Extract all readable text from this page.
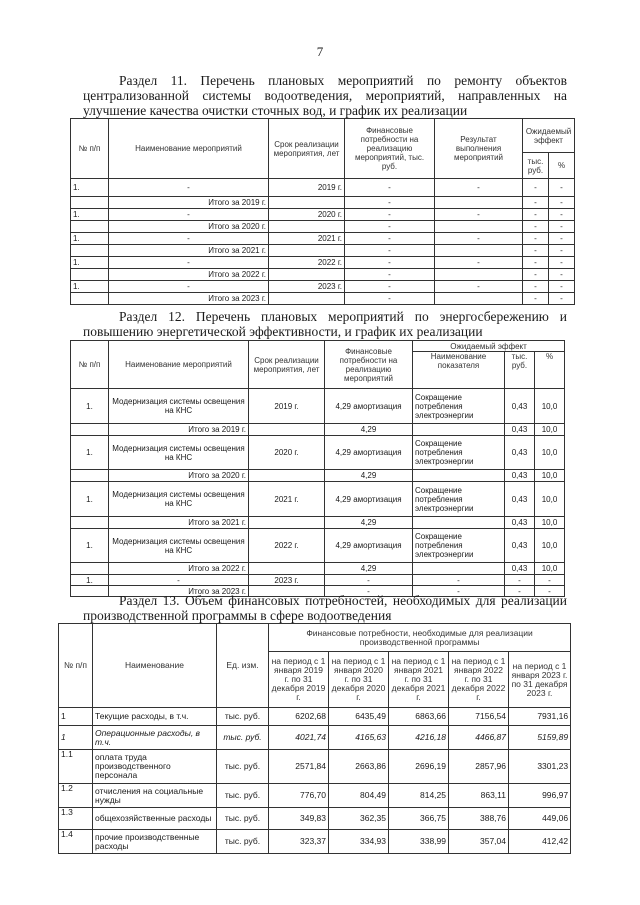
7
Раздел 11. Перечень плановых мероприятий по ремонту объектов централизованной системы водоотведения, мероприятий, направленных на улучшение качества очистки сточных вод, и график их реализации
№ п/п	Наименование мероприятий	Срок реализации мероприятия, лет	Финансовые потребности на реализацию мероприятий, тыс. руб.	Результат выполнения мероприятий	Ожидаемый эффект	
					тыс. руб.	%
1.	-	2019 г.	-	-	-	-
	Итого за 2019 г.		-		-	-
1.	-	2020 г.	-	-	-	-
	Итого за 2020 г.		-		-	-
1.	-	2021 г.	-	-	-	-
	Итого за 2021 г.		-		-	-
1.	-	2022 г.	-	-	-	-
	Итого за 2022 г.		-		-	-
1.	-	2023 г.	-	-	-	-
	Итого за 2023 г.		-		-	-
Раздел 12. Перечень плановых мероприятий по энергосбережению и повышению энергетической эффективности, и график их реализации
№ п/п	Наименование мероприятий	Срок реализации мероприятия, лет	Финансовые потребности на реализацию мероприятий	Ожидаемый эффект		
				Наименование показателя	тыс. руб.	%
1.	Модернизация системы освещения на КНС	2019 г.	4,29 амортизация	Сокращение потребления электроэнергии	0,43	10,0
	Итого за 2019 г.		4,29		0,43	10,0
1.	Модернизация системы освещения на КНС	2020 г.	4,29 амортизация	Сокращение потребления электроэнергии	0,43	10,0
	Итого за 2020 г.		4,29		0,43	10,0
1.	Модернизация системы освещения на КНС	2021 г.	4,29 амортизация	Сокращение потребления электроэнергии	0,43	10,0
	Итого за 2021 г.		4,29		0,43	10,0
1.	Модернизация системы освещения на КНС	2022 г.	4,29 амортизация	Сокращение потребления электроэнергии	0,43	10,0
	Итого за 2022 г.		4,29		0,43	10,0
1.	-	2023 г.	-	-	-	-
	Итого за 2023 г.		-	-	-	-
Раздел 13. Объем финансовых потребностей, необходимых для реализации производственной программы в сфере водоотведения
№ п/п	Наименование	Ед. изм.	Финансовые потребности, необходимые для реализации производственной программы				
			на период с 1 января 2019 г. по 31 декабря 2019 г.	на период с 1 января 2020 г. по 31 декабря 2020 г.	на период с 1 января 2021 г. по 31 декабря 2021 г.	на период с 1 января 2022 г. по 31 декабря 2022 г.	на период с 1 января 2023 г. по 31 декабря 2023 г.
1	Текущие расходы, в т.ч.	тыс. руб.	6202,68	6435,49	6863,66	7156,54	7931,16
1	Операционные расходы, в т.ч.	тыс. руб.	4021,74	4165,63	4216,18	4466,87	5159,89
1.1	оплата труда производственного персонала	тыс. руб.	2571,84	2663,86	2696,19	2857,96	3301,23
1.2	отчисления на социальные нужды	тыс. руб.	776,70	804,49	814,25	863,11	996,97
1.3	общехозяйственные расходы	тыс. руб.	349,83	362,35	366,75	388,76	449,06
1.4	прочие производственные расходы	тыс. руб.	323,37	334,93	338,99	357,04	412,42
